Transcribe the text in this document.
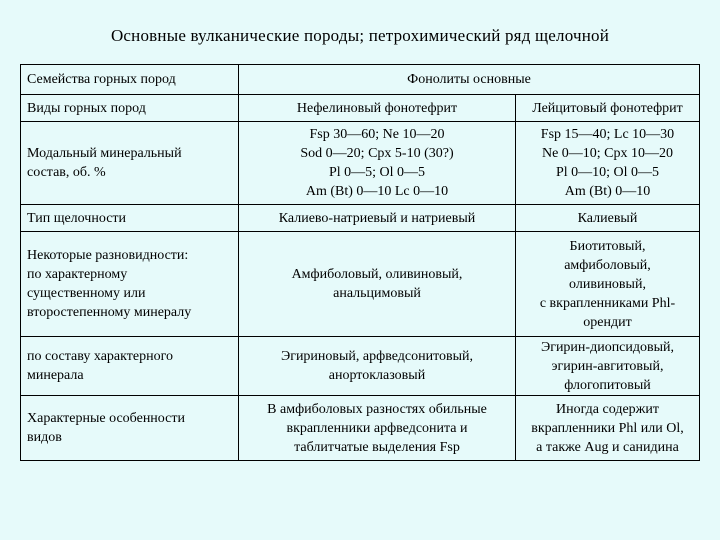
Основные вулканические породы; петрохимический ряд щелочной
Семейства горных пород	Фонолиты основные	
Виды горных пород	Нефелиновый фонотефрит	Лейцитовый фонотефрит

Модальный минеральный
состав, об. %	Fsp 30—60; Ne 10—20
Sod 0—20; Cpx 5-10 (30?)
Pl 0—5; Ol 0—5
Am (Bt) 0—10 Lc 0—10	Fsp 15—40; Lc 10—30
Ne 0—10; Cpx 10—20
Pl 0—10; Ol 0—5
Am (Bt) 0—10

Тип щелочности	Калиево-натриевый и натриевый	Калиевый

Некоторые разновидности:
по характерному
существенному или
второстепенному минералу	Амфиболовый, оливиновый,
анальцимовый	Биотитовый,
амфиболовый,
оливиновый,
с вкрапленниками Phl-
орендит

по составу характерного
минерала	Эгириновый, арфведсонитовый,
анортоклазовый	Эгирин-диопсидовый,
эгирин-авгитовый,
флогопитовый

Характерные особенности
видов	В амфиболовых разностях обильные
вкрапленники арфведсонита и
таблитчатые выделения Fsp	Иногда содержит
вкрапленники Phl или Ol,
а также Aug и санидина
